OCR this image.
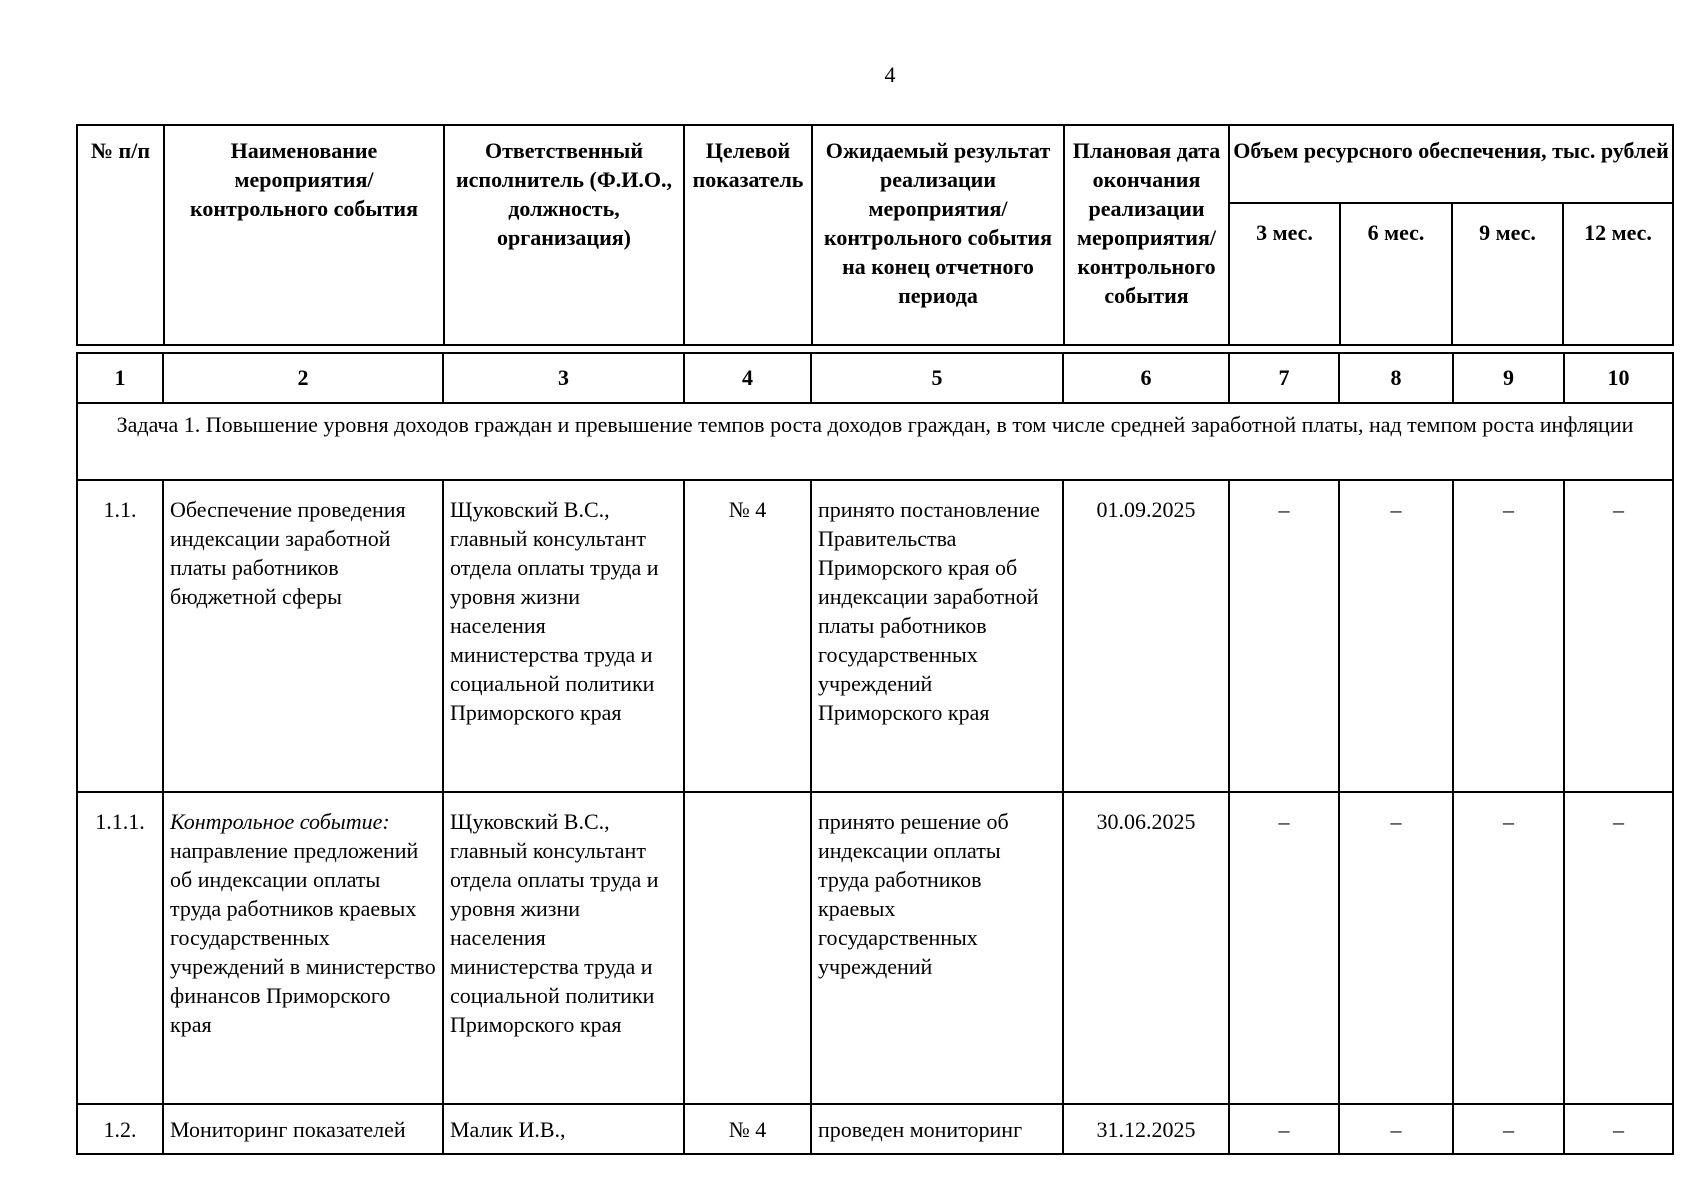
4
№ п/п	Наименование мероприятия/ контрольного события	Ответственный исполнитель (Ф.И.О., должность, организация)	Целевой показатель	Ожидаемый результат реализации мероприятия/ контрольного события на конец отчетного периода	Плановая дата окончания реализации мероприятия/ контрольного события	Объем ресурсного обеспечения, тыс. рублей			
						3 мес.	6 мес.	9 мес.	12 мес.
1	2	3	4	5	6	7	8	9	10
Задача 1. Повышение уровня доходов граждан и превышение темпов роста доходов граждан, в том числе средней заработной платы, над темпом роста инфляции									
1.1.	Обеспечение проведения индексации заработной платы работников бюджетной сферы	Щуковский В.С., главный консультант отдела оплаты труда и уровня жизни населения министерства труда и социальной политики Приморского края	№ 4	принято постановление Правительства Приморского края об индексации заработной платы работников государственных учреждений Приморского края	01.09.2025	–	–	–	–
1.1.1.	Контрольное событие: направление предложений об индексации оплаты труда работников краевых государственных учреждений в министерство финансов Приморского края	Щуковский В.С., главный консультант отдела оплаты труда и уровня жизни населения министерства труда и социальной политики Приморского края		принято решение об индексации оплаты труда работников краевых государственных учреждений	30.06.2025	–	–	–	–
1.2.	Мониторинг показателей	Малик И.В.,	№ 4	проведен мониторинг	31.12.2025	–	–	–	–
